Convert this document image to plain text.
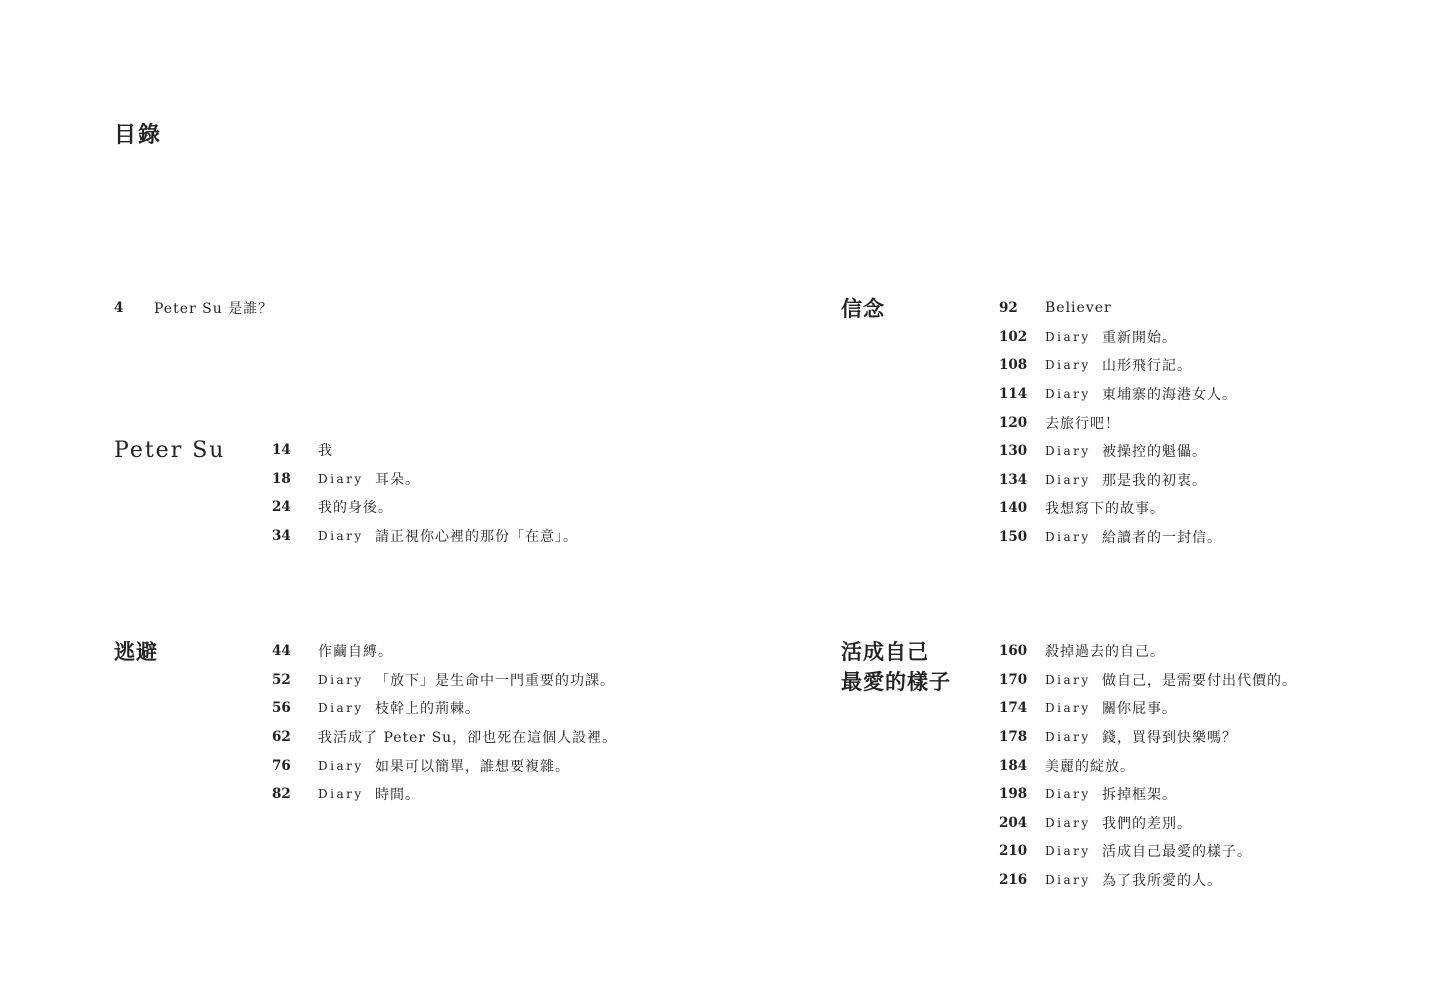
目錄
4	Peter Su 是誰？
Peter Su	14	我
18	Diary 耳朵。
24	我的身後。
34	Diary 請正視你心裡的那份「在意」。
逃避	44	作繭自縛。
52	Diary 「放下」是生命中一門重要的功課。
56	Diary 枝幹上的荊棘。
62	我活成了 Peter Su，卻也死在這個人設裡。
76	Diary 如果可以簡單，誰想要複雜。
82	Diary 時間。
信念	92	Believer
102	Diary 重新開始。
108	Diary 山形飛行記。
114	Diary 東埔寨的海港女人。
120	去旅行吧！
130	Diary 被操控的魁儡。
134	Diary 那是我的初衷。
140	我想寫下的故事。
150	Diary 給讀者的一封信。
活成自己
最愛的樣子
160	殺掉過去的自己。
170	Diary 做自己，是需要付出代價的。
174	Diary 關你屁事。
178	Diary 錢，買得到快樂嗎？
184	美麗的綻放。
198	Diary 拆掉框架。
204	Diary 我們的差別。
210	Diary 活成自己最愛的樣子。
216	Diary 為了我所愛的人。
